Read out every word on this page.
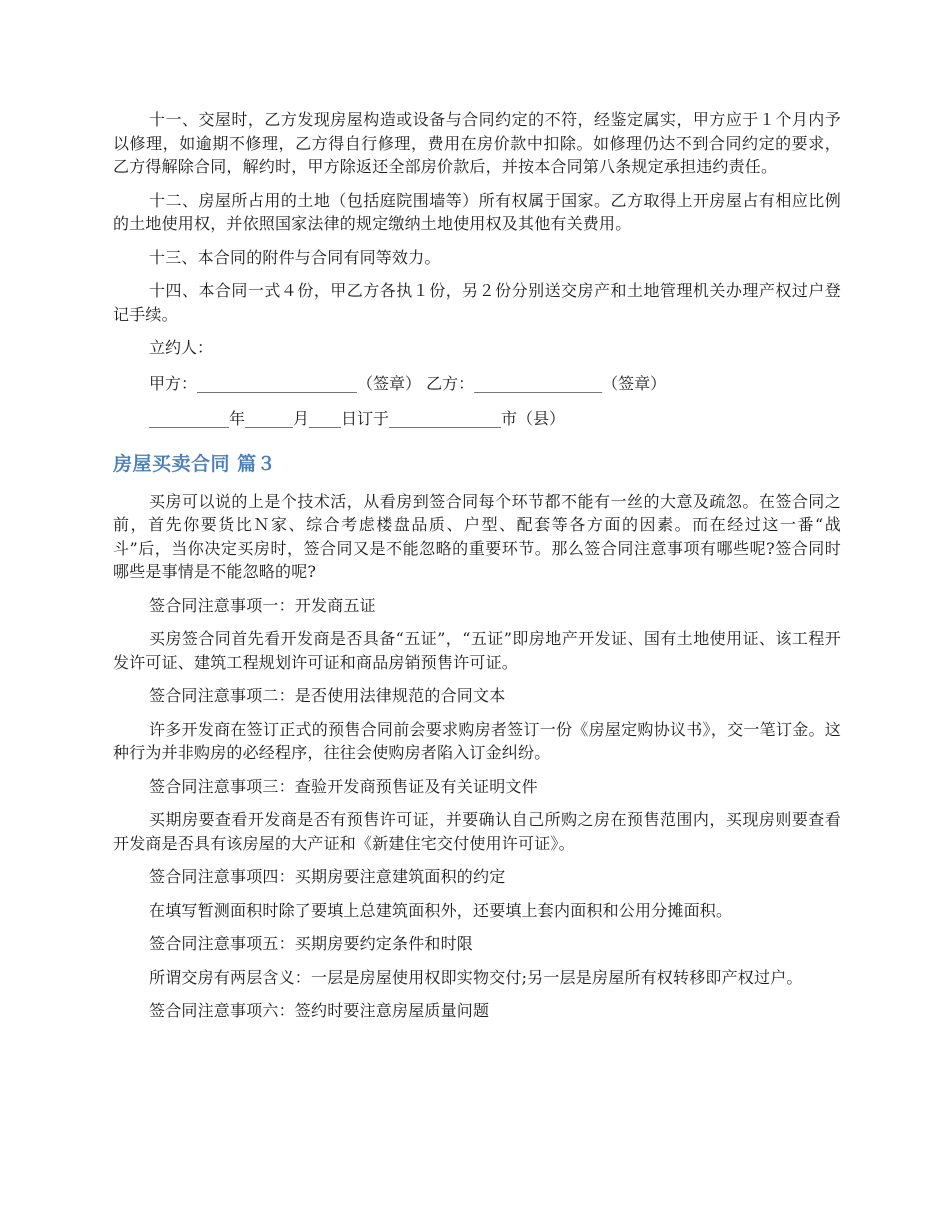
十一、交屋时，乙方发现房屋构造或设备与合同约定的不符，经鉴定属实，甲方应于１个月内予以修理，如逾期不修理，乙方得自行修理，费用在房价款中扣除。如修理仍达不到合同约定的要求，乙方得解除合同，解约时，甲方除返还全部房价款后，并按本合同第八条规定承担违约责任。

十二、房屋所占用的土地（包括庭院围墙等）所有权属于国家。乙方取得上开房屋占有相应比例的土地使用权，并依照国家法律的规定缴纳土地使用权及其他有关费用。

十三、本合同的附件与合同有同等效力。

十四、本合同一式４份，甲乙方各执１份，另２份分别送交房产和土地管理机关办理产权过户登记手续。

立约人：
甲方：____________________（签章） 乙方：________________（签章）
__________年______月____日订于______________市（县）
房屋买卖合同 篇３

买房可以说的上是个技术活，从看房到签合同每个环节都不能有一丝的大意及疏忽。在签合同之前，首先你要货比Ｎ家、综合考虑楼盘品质、户型、配套等各方面的因素。而在经过这一番“战斗”后，当你决定买房时，签合同又是不能忽略的重要环节。那么签合同注意事项有哪些呢?签合同时哪些是事情是不能忽略的呢?

签合同注意事项一：开发商五证

买房签合同首先看开发商是否具备“五证”，“五证”即房地产开发证、国有土地使用证、该工程开发许可证、建筑工程规划许可证和商品房销预售许可证。

签合同注意事项二：是否使用法律规范的合同文本

许多开发商在签订正式的预售合同前会要求购房者签订一份《房屋定购协议书》，交一笔订金。这种行为并非购房的必经程序，往往会使购房者陷入订金纠纷。

签合同注意事项三：查验开发商预售证及有关证明文件

买期房要查看开发商是否有预售许可证，并要确认自己所购之房在预售范围内，买现房则要查看开发商是否具有该房屋的大产证和《新建住宅交付使用许可证》。

签合同注意事项四：买期房要注意建筑面积的约定

在填写暂测面积时除了要填上总建筑面积外，还要填上套内面积和公用分摊面积。

签合同注意事项五：买期房要约定条件和时限

所谓交房有两层含义：一层是房屋使用权即实物交付;另一层是房屋所有权转移即产权过户。

签合同注意事项六：签约时要注意房屋质量问题
